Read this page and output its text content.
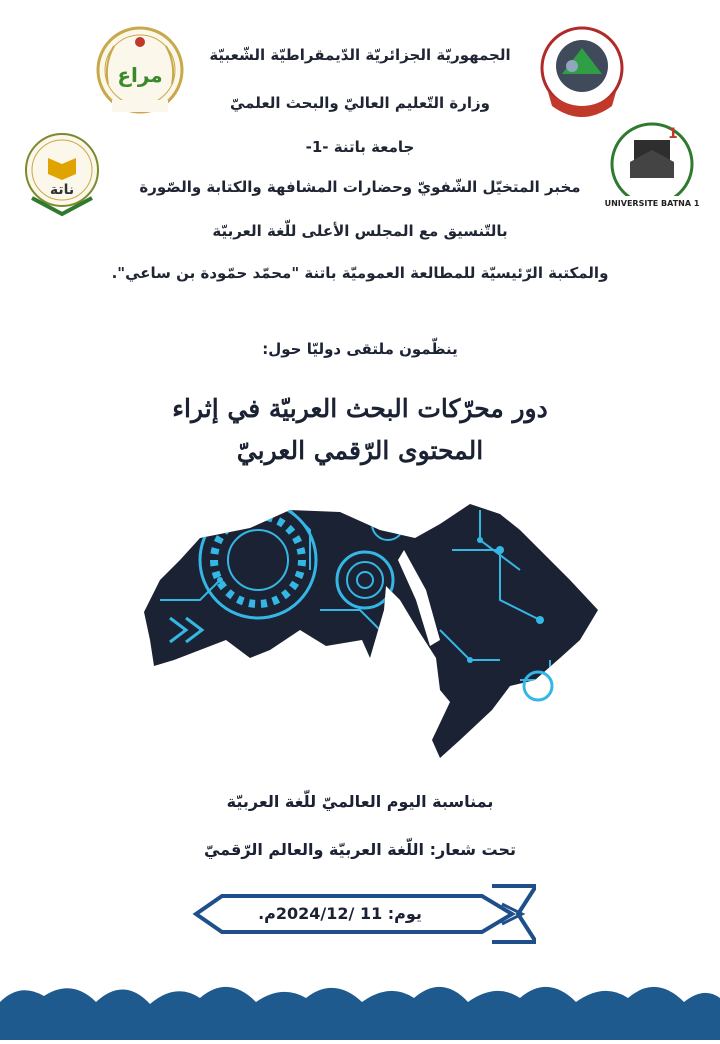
مراع
ناتة
1
UNIVERSITE BATNA 1
الجمهوريّة الجزائريّة الدّيمقراطيّة الشّعبيّة
وزارة التّعليم العاليّ والبحث العلميّ
جامعة باتنة -1-
مخبر المتخيّل الشّفويّ وحضارات المشافهة والكتابة والصّورة
بالتّنسيق مع المجلس الأعلى للّغة العربيّة
والمكتبة الرّئيسيّة للمطالعة العموميّة باتنة "محمّد حمّودة بن ساعي".
ينظّمون ملتقى دوليّا حول:
دور محرّكات البحث العربيّة في إثراء
المحتوى الرّقمي العربيّ
بمناسبة اليوم العالميّ للّغة العربيّة
تحت شعار: اللّغة العربيّة والعالم الرّقميّ
يوم: 11 /2024/12م.
